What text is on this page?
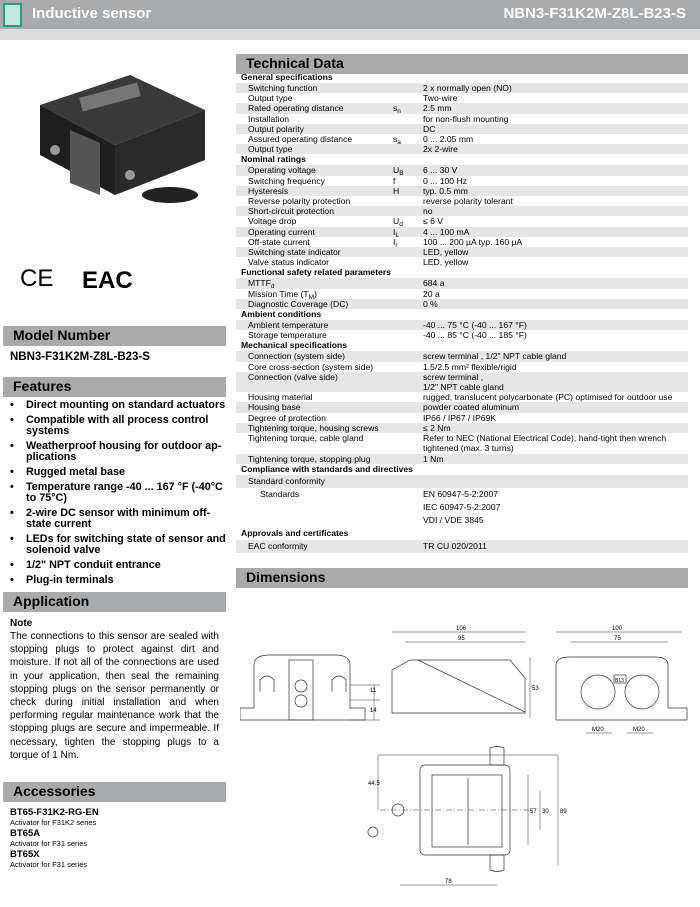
Inductive sensor	NBN3-F31K2M-Z8L-B23-S
CE EAC
Model Number
NBN3-F31K2M-Z8L-B23-S
Features
• Direct mounting on standard actuators
• Compatible with all process control systems
• Weatherproof housing for outdoor ap-plications
• Rugged metal base
• Temperature range -40 ... 167 °F (-40°C to 75°C)
• 2-wire DC sensor with minimum off-state current
• LEDs for switching state of sensor and solenoid valve
• 1/2" NPT conduit entrance
• Plug-in terminals
Application
Note
The connections to this sensor are sealed with stopping plugs to protect against dirt and moisture. If not all of the connections are used in your application, then seal the remaining stopping plugs on the sensor permanently or check during initial installation and when performing regular maintenance work that the stopping plugs are secure and impermeable. If necessary, tighten the stopping plugs to a torque of 1 Nm.
Accessories
BT65-F31K2-RG-EN
Activator for F31K2 series
BT65A
Activator for F31 series
BT65X
Activator for F31 series
Technical Data
General specifications
Switching function	2 x normally open (NO)
Output type	Two-wire
Rated operating distance	$s_n$	2.5 mm
Installation	for non-flush mounting
Output polarity	DC
Assured operating distance	$s_a$	0 ... 2.05 mm
Output type	2x 2-wire
Nominal ratings
Operating voltage	$U_B$	6 ... 30 V
Switching frequency	f	0 ... 100 Hz
Hysteresis	H	typ. 0.5 mm
Reverse polarity protection	reverse polarity tolerant
Short-circuit protection	no
Voltage drop	$U_d$	≤ 6 V
Operating current	$I_L$	4 ... 100 mA
Off-state current	$I_r$	100 ... 200 µA typ. 160 µA
Switching state indicator	LED, yellow
Valve status indicator	LED, yellow
Functional safety related parameters
$MTTF_d$	684 a
Mission Time $(T_M)$	20 a
Diagnostic Coverage (DC)	0 %
Ambient conditions
Ambient temperature	-40 ... 75 °C (-40 ... 167 °F)
Storage temperature	-40 ... 85 °C (-40 ... 185 °F)
Mechanical specifications
Connection (system side)	screw terminal , 1/2" NPT cable gland
Core cross-section (system side)	1.5/2.5 mm² flexible/rigid
Connection (valve side)	screw terminal ,
1/2" NPT cable gland
Housing material	rugged, translucent polycarbonate (PC) optimised for outdoor use
Housing base	powder coated aluminum
Degree of protection	IP66 / IP67 / IP69K
Tightening torque, housing screws	≤ 2 Nm
Tightening torque, cable gland	Refer to NEC (National Electrical Code), hand-tight then wrench
tightened (max. 3 turns)
Tightening torque, stopping plug	1 Nm
Compliance with standards and directives
Standard conformity
Standards	EN 60947-5-2:2007
IEC 60947-5-2:2007
VDI / VDE 3845
Approvals and certificates
EAC conformity	TR CU 020/2011
Dimensions
106
95
53
11
14
100
75
M20	M20
B13
44,5
30
57	89
78
